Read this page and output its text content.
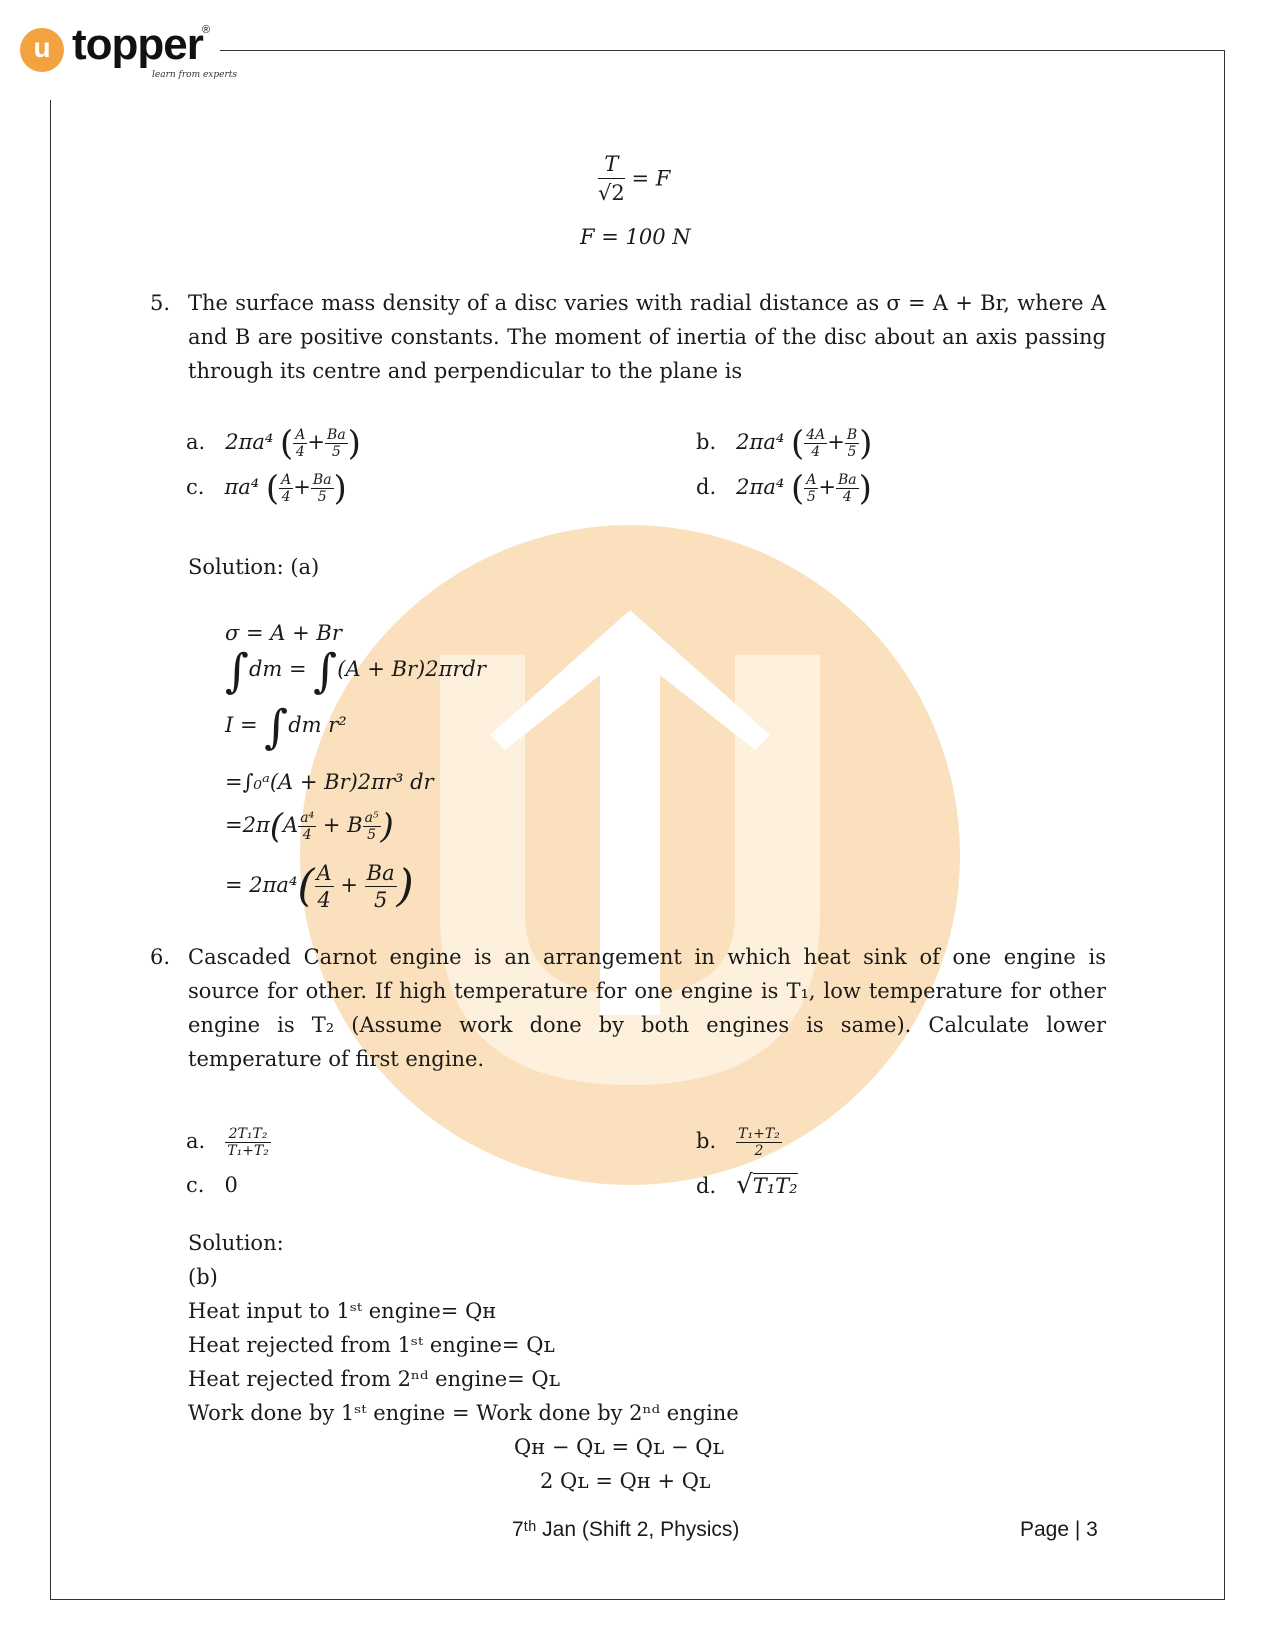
u topper ®
learn from experts
$\frac{T}{√2} = F$
F = 100 N
5. The surface mass density of a disc varies with radial distance as σ = A + Br, where A and B are positive constants. The moment of inertia of the disc about an axis passing through its centre and perpendicular to the plane is
a. 2πa⁴ ( $\frac{A}{4} + \frac{Ba}{5}$ )	b. 2πa⁴ ( $\frac{4A}{4} + \frac{B}{5}$ )
c. πa⁴ ( $\frac{A}{4} + \frac{Ba}{5}$ )	d. 2πa⁴ ( $\frac{A}{5} + \frac{Ba}{4}$ )
Solution: (a)
σ = A + Br
∫dm = ∫(A + Br)2πrdr
I = ∫dm r²
=∫₀ᵃ(A + Br)2πr³ dr
$=2\pi(A \frac{\text{a⁴}}{4} + B \frac{\text{a⁵}}{5}$ )
= $2\pi a^4( \frac{A}{4} + \frac{Ba}{5}$ )
6. Cascaded Carnot engine is an arrangement in which heat sink of one engine is source for other. If high temperature for one engine is T₁, low temperature for other engine is T₂ (Assume work done by both engines is same). Calculate lower temperature of first engine.
a. $\frac{\text{2T₁T₂}}{\text{T₁+T₂}}$	b. $\frac{\text{T₁+T₂}}{2}$
c. 0	d. √T₁T₂
Solution:
(b)
Heat input to 1ˢᵗ engine= Qн
Heat rejected from 1ˢᵗ engine= Qʟ
Heat rejected from 2ⁿᵈ engine= Qʟ
Work done by 1ˢᵗ engine = Work done by 2ⁿᵈ engine
Qн − Qʟ = Qʟ − Qʟ
2 Qʟ = Qн + Qʟ
7ᵗʰ Jan (Shift 2, Physics)	Page | 3
